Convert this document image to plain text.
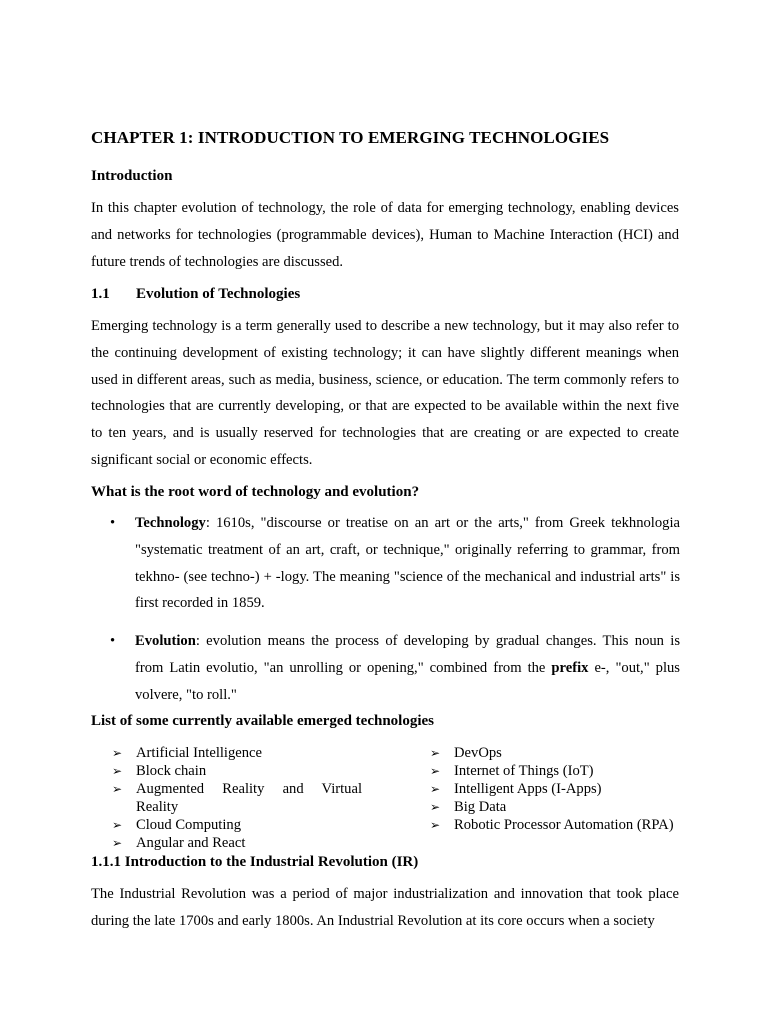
CHAPTER 1: INTRODUCTION TO EMERGING TECHNOLOGIES
Introduction

In this chapter evolution of technology, the role of data for emerging technology, enabling devices and networks for technologies (programmable devices), Human to Machine Interaction (HCI) and future trends of technologies are discussed.

1.1 Evolution of Technologies

Emerging technology is a term generally used to describe a new technology, but it may also refer to the continuing development of existing technology; it can have slightly different meanings when used in different areas, such as media, business, science, or education. The term commonly refers to technologies that are currently developing, or that are expected to be available within the next five to ten years, and is usually reserved for technologies that are creating or are expected to create significant social or economic effects.

What is the root word of technology and evolution?
• Technology: 1610s, "discourse or treatise on an art or the arts," from Greek tekhnologia "systematic treatment of an art, craft, or technique," originally referring to grammar, from tekhno- (see techno-) + -logy. The meaning "science of the mechanical and industrial arts" is first recorded in 1859.
• Evolution: evolution means the process of developing by gradual changes. This noun is from Latin evolutio, "an unrolling or opening," combined from the prefix e-, "out," plus volvere, "to roll."
List of some currently available emerged technologies
➢ Artificial Intelligence
➢ Block chain
➢ Augmented Reality and Virtual Reality
➢ Cloud Computing
➢ Angular and React
➢ DevOps
➢ Internet of Things (IoT)
➢ Intelligent Apps (I-Apps)
➢ Big Data
➢ Robotic Processor Automation (RPA)
1.1.1 Introduction to the Industrial Revolution (IR)

The Industrial Revolution was a period of major industrialization and innovation that took place during the late 1700s and early 1800s. An Industrial Revolution at its core occurs when a society
